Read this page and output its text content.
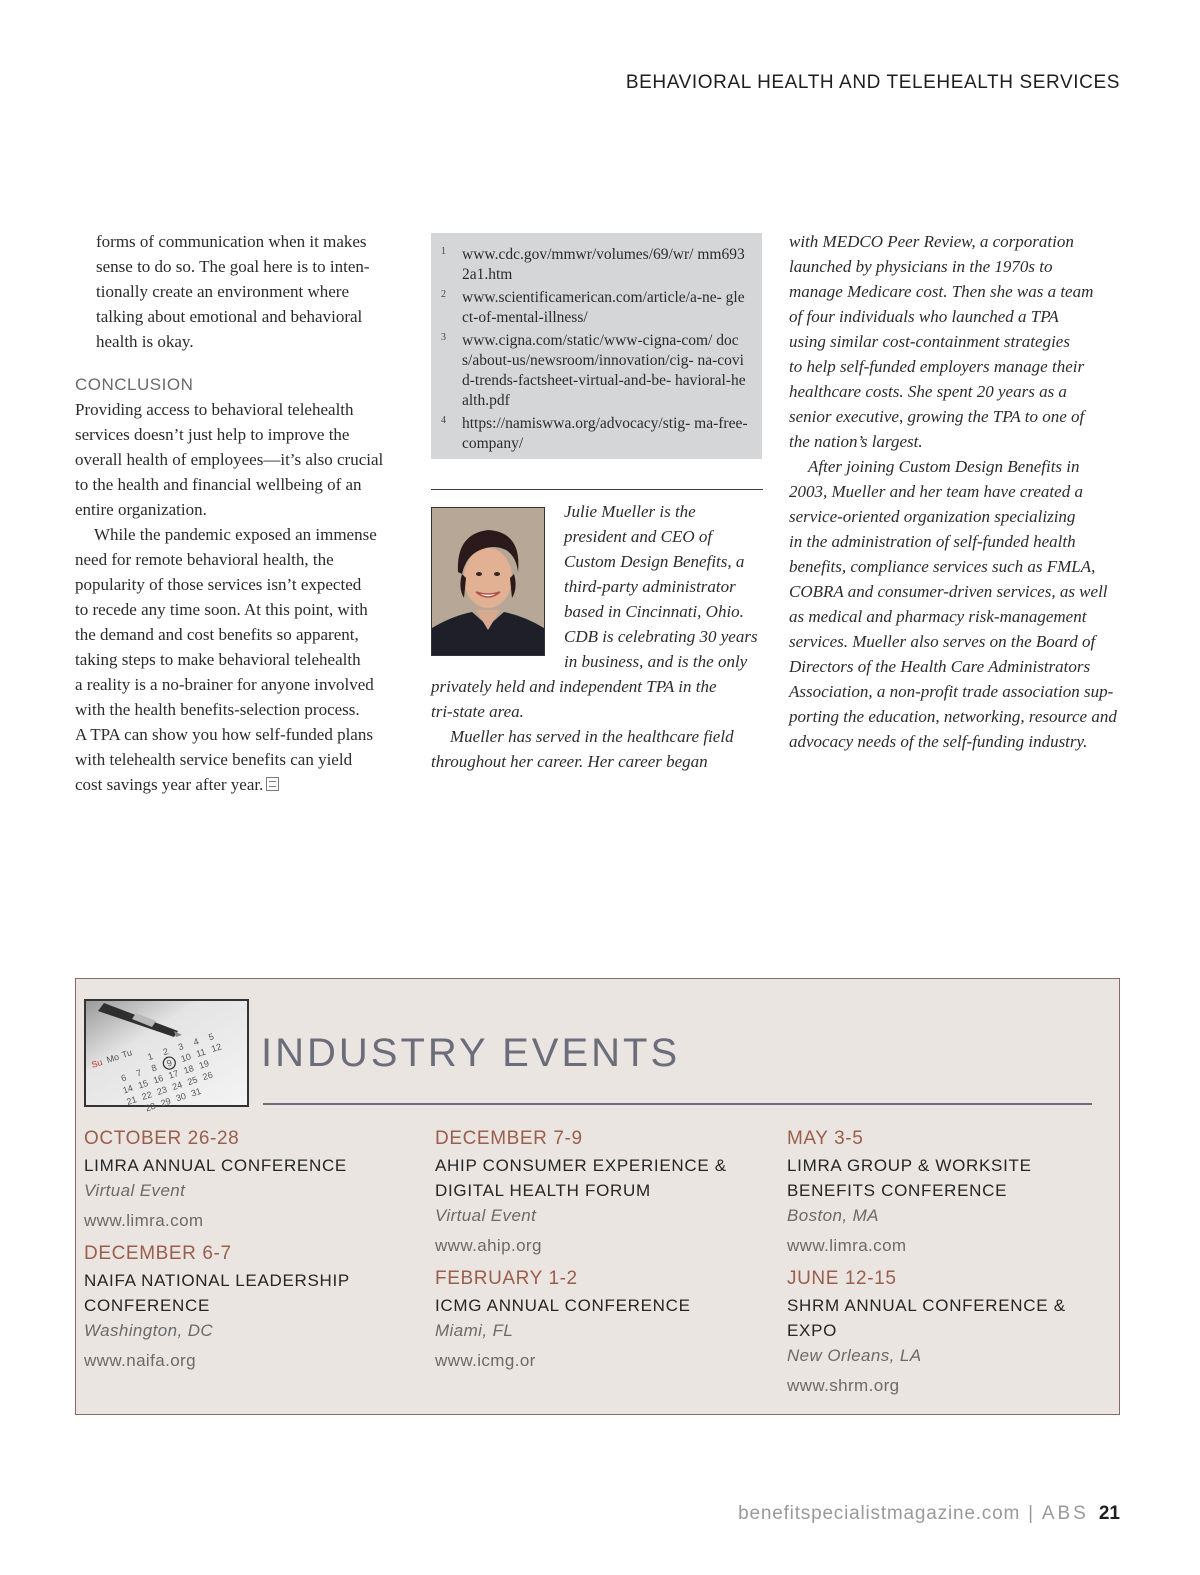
BEHAVIORAL HEALTH AND TELEHEALTH SERVICES

forms of communication when it makes

sense to do so. The goal here is to inten-

tionally create an environment where

talking about emotional and behavioral

health is okay.

CONCLUSION

Providing access to behavioral telehealth

services doesn’t just help to improve the

overall health of employees—it’s also crucial

to the health and financial wellbeing of an

entire organization.

While the pandemic exposed an immense

need for remote behavioral health, the

popularity of those services isn’t expected

to recede any time soon. At this point, with

the demand and cost benefits so apparent,

taking steps to make behavioral telehealth

a reality is a no-brainer for anyone involved

with the health benefits-selection process.

A TPA can show you how self-funded plans

with telehealth service benefits can yield

cost savings year after year.

1	www.cdc.gov/mmwr/volumes/69/wr/ mm6932a1.htm
2	www.scientificamerican.com/article/a-ne- glect-of-mental-illness/
3	www.cigna.com/static/www-cigna-com/ docs/about-us/newsroom/innovation/cig- na-covid-trends-factsheet-virtual-and-be- havioral-health.pdf
4	https://namiswwa.org/advocacy/stig- ma-free-company/

Julie Mueller is the

president and CEO of

Custom Design Benefits, a

third-party administrator

based in Cincinnati, Ohio.

CDB is celebrating 30 years

in business, and is the only

privately held and independent TPA in the

tri-state area.

Mueller has served in the healthcare field

throughout her career. Her career began

with MEDCO Peer Review, a corporation

launched by physicians in the 1970s to

manage Medicare cost. Then she was a team

of four individuals who launched a TPA

using similar cost-containment strategies

to help self-funded employers manage their

healthcare costs. She spent 20 years as a

senior executive, growing the TPA to one of

the nation’s largest.

After joining Custom Design Benefits in

2003, Mueller and her team have created a

service-oriented organization specializing

in the administration of self-funded health

benefits, compliance services such as FMLA,

COBRA and consumer-driven services, as well

as medical and pharmacy risk-management

services. Mueller also serves on the Board of

Directors of the Health Care Administrators

Association, a non-profit trade association sup-

porting the education, networking, resource and

advocacy needs of the self-funding industry.

Su Mo Tu 1 2 3 4 5
6 7 8 9 10 11 12
14 15 16 17 18 19
21 22 23 24 25 26
28 29 30 31
INDUSTRY EVENTS
OCTOBER 26-28
LIMRA ANNUAL CONFERENCE
Virtual Event
www.limra.com
DECEMBER 6-7
NAIFA NATIONAL LEADERSHIP
CONFERENCE
Washington, DC
www.naifa.org
DECEMBER 7-9
AHIP CONSUMER EXPERIENCE &
DIGITAL HEALTH FORUM
Virtual Event
www.ahip.org
FEBRUARY 1-2
ICMG ANNUAL CONFERENCE
Miami, FL
www.icmg.or
MAY 3-5
LIMRA GROUP & WORKSITE
BENEFITS CONFERENCE
Boston, MA
www.limra.com
JUNE 12-15
SHRM ANNUAL CONFERENCE & EXPO
New Orleans, LA
www.shrm.org
benefitspecialistmagazine.com | ABS 21
